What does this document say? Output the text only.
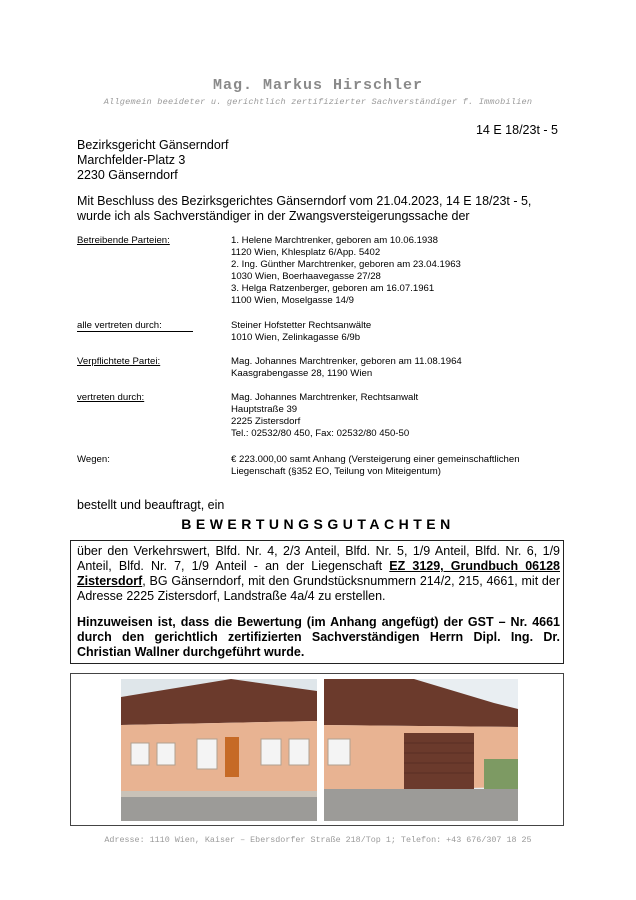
Mag. Markus Hirschler
Allgemein beeideter u. gerichtlich zertifizierter Sachverständiger f. Immobilien
14 E 18/23t - 5
Bezirksgericht Gänserndorf
Marchfelder-Platz 3
2230 Gänserndorf
Mit Beschluss des Bezirksgerichtes Gänserndorf vom 21.04.2023, 14 E 18/23t - 5, wurde ich als Sachverständiger in der Zwangsversteigerungssache der
Betreibende Parteien:	1. Helene Marchtrenker, geboren am 10.06.1938
1120 Wien, Khlesplatz 6/App. 5402
2. Ing. Günther Marchtrenker, geboren am 23.04.1963
1030 Wien, Boerhaavegasse 27/28
3. Helga Ratzenberger, geboren am 16.07.1961
1100 Wien, Moselgasse 14/9
alle vertreten durch:	Steiner Hofstetter Rechtsanwälte
1010 Wien, Zelinkagasse 6/9b
Verpflichtete Partei:	Mag. Johannes Marchtrenker, geboren am 11.08.1964
Kaasgrabengasse 28, 1190 Wien
vertreten durch:	Mag. Johannes Marchtrenker, Rechtsanwalt
Hauptstraße 39
2225 Zistersdorf
Tel.: 02532/80 450, Fax: 02532/80 450-50
Wegen:	€ 223.000,00 samt Anhang (Versteigerung einer gemeinschaftlichen
Liegenschaft (§352 EO, Teilung von Miteigentum)
bestellt und beauftragt, ein
BEWERTUNGSGUTACHTEN
über den Verkehrswert, Blfd. Nr. 4, 2/3 Anteil, Blfd. Nr. 5, 1/9 Anteil, Blfd. Nr. 6, 1/9 Anteil, Blfd. Nr. 7, 1/9 Anteil - an der Liegenschaft EZ 3129, Grundbuch 06128 Zistersdorf, BG Gänserndorf, mit den Grundstücksnummern 214/2, 215, 4661, mit der Adresse 2225 Zistersdorf, Landstraße 4a/4 zu erstellen.
Hinzuweisen ist, dass die Bewertung (im Anhang angefügt) der GST – Nr. 4661 durch den gerichtlich zertifizierten Sachverständigen Herrn Dipl. Ing. Dr. Christian Wallner durchgeführt wurde.
Adresse: 1110 Wien, Kaiser – Ebersdorfer Straße 218/Top 1; Telefon: +43 676/307 18 25
